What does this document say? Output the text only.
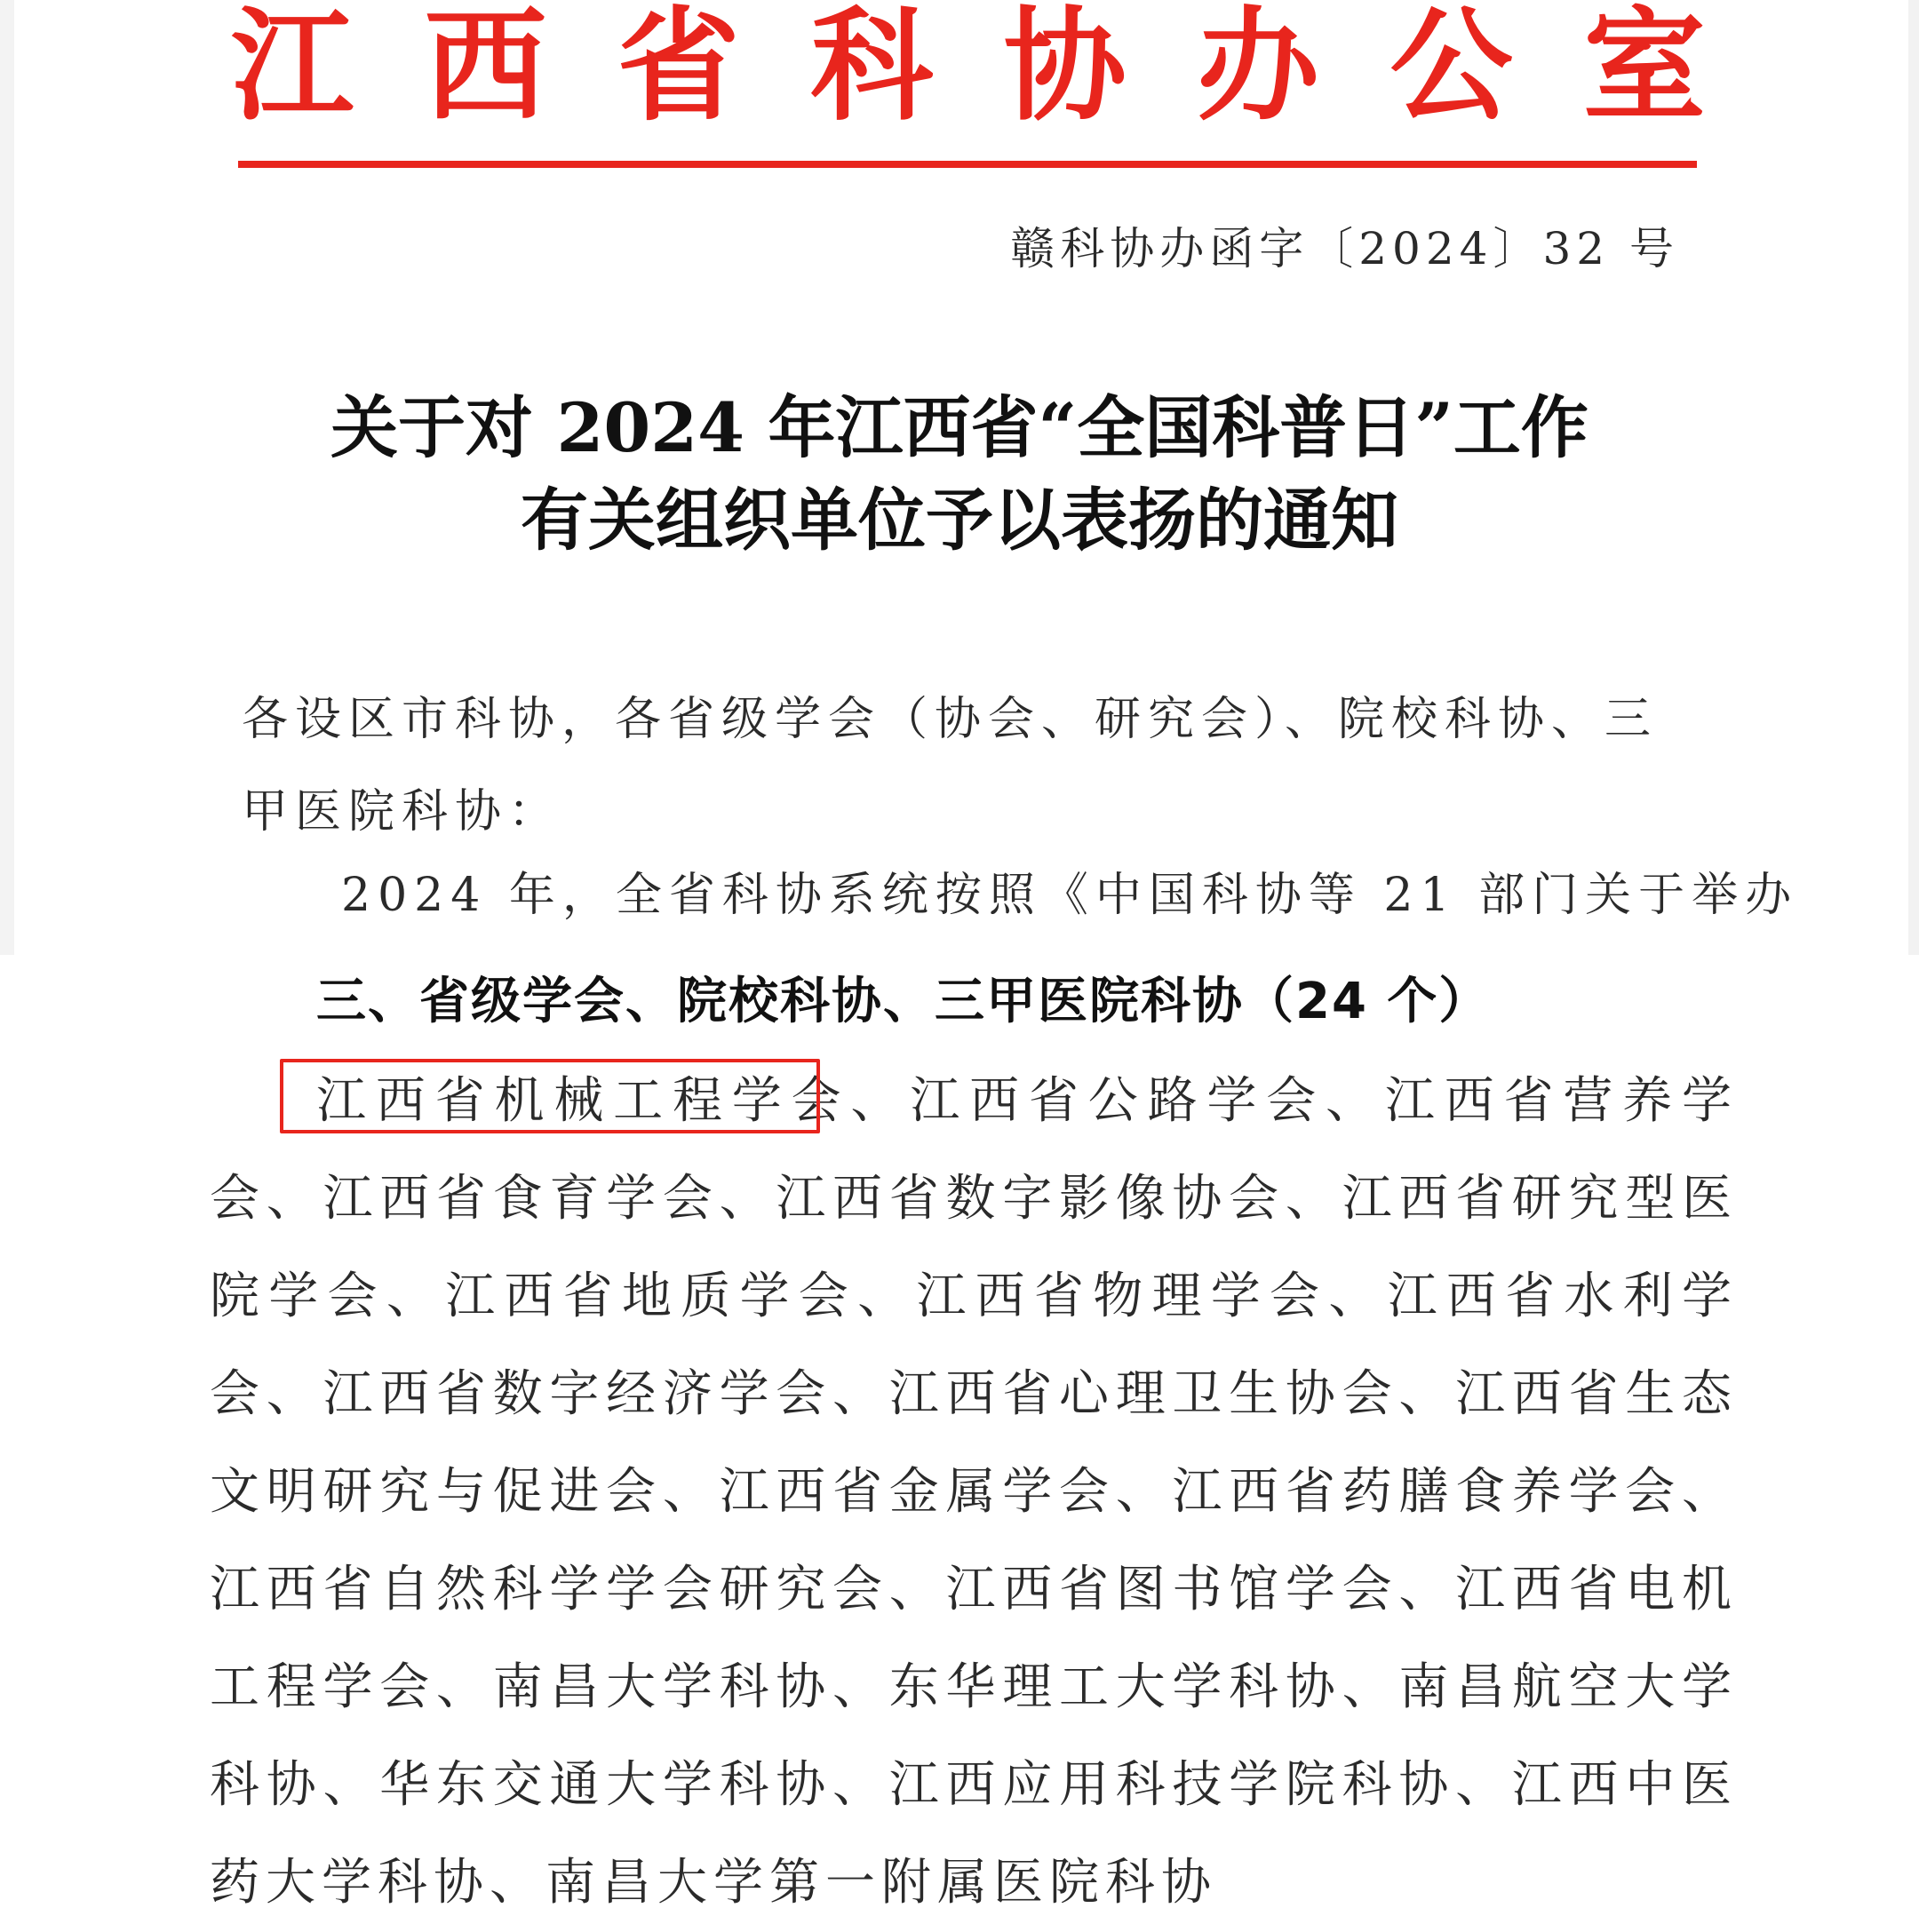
江 西 省 科 协 办 公 室
赣科协办函字〔2024〕32 号
关于对 2024 年江西省“全国科普日”工作
有关组织单位予以表扬的通知
各设区市科协，各省级学会（协会、研究会）、院校科协、三甲医院科协：
2024 年，全省科协系统按照《中国科协等 21 部门关于举办
三、省级学会、院校科协、三甲医院科协（24 个）
江西省机械工程学会、江西省公路学会、江西省营养学会、江西省食育学会、江西省数字影像协会、江西省研究型医院学会、江西省地质学会、江西省物理学会、江西省水利学会、江西省数字经济学会、江西省心理卫生协会、江西省生态文明研究与促进会、江西省金属学会、江西省药膳食养学会、江西省自然科学学会研究会、江西省图书馆学会、江西省电机工程学会、南昌大学科协、东华理工大学科协、南昌航空大学科协、华东交通大学科协、江西应用科技学院科协、江西中医药大学科协、南昌大学第一附属医院科协
